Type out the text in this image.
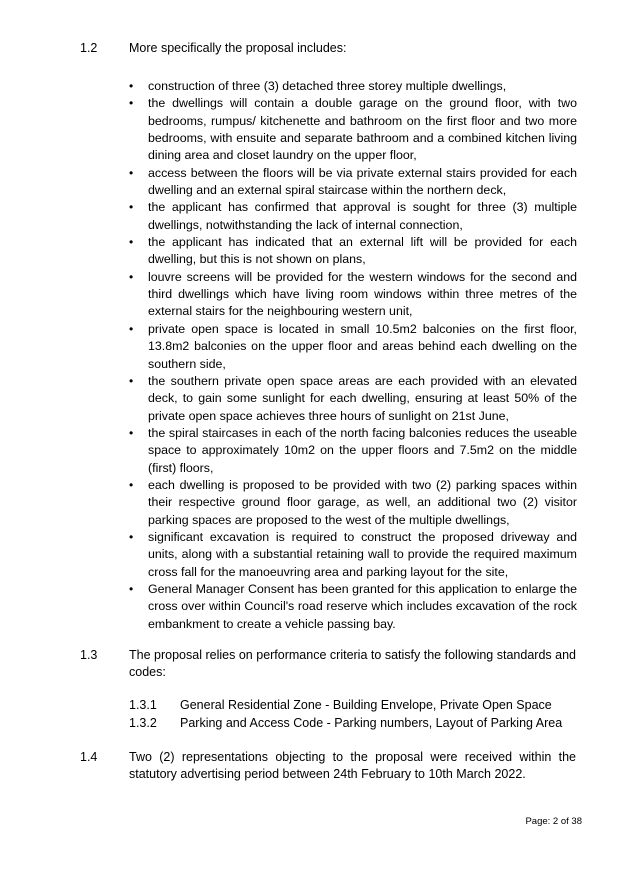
1.2	More specifically the proposal includes:
• construction of three (3) detached three storey multiple dwellings,
• the dwellings will contain a double garage on the ground floor, with two bedrooms, rumpus/ kitchenette and bathroom on the first floor and two more bedrooms, with ensuite and separate bathroom and a combined kitchen living dining area and closet laundry on the upper floor,
• access between the floors will be via private external stairs provided for each dwelling and an external spiral staircase within the northern deck,
• the applicant has confirmed that approval is sought for three (3) multiple dwellings, notwithstanding the lack of internal connection,
• the applicant has indicated that an external lift will be provided for each dwelling, but this is not shown on plans,
• louvre screens will be provided for the western windows for the second and third dwellings which have living room windows within three metres of the external stairs for the neighbouring western unit,
• private open space is located in small 10.5m2 balconies on the first floor, 13.8m2 balconies on the upper floor and areas behind each dwelling on the southern side,
• the southern private open space areas are each provided with an elevated deck, to gain some sunlight for each dwelling, ensuring at least 50% of the private open space achieves three hours of sunlight on 21st June,
• the spiral staircases in each of the north facing balconies reduces the useable space to approximately 10m2 on the upper floors and 7.5m2 on the middle (first) floors,
• each dwelling is proposed to be provided with two (2) parking spaces within their respective ground floor garage, as well, an additional two (2) visitor parking spaces are proposed to the west of the multiple dwellings,
• significant excavation is required to construct the proposed driveway and units, along with a substantial retaining wall to provide the required maximum cross fall for the manoeuvring area and parking layout for the site,
• General Manager Consent has been granted for this application to enlarge the cross over within Council's road reserve which includes excavation of the rock embankment to create a vehicle passing bay.
1.3	The proposal relies on performance criteria to satisfy the following standards and codes:
1.3.1 General Residential Zone - Building Envelope, Private Open Space
1.3.2 Parking and Access Code - Parking numbers, Layout of Parking Area
1.4	Two (2) representations objecting to the proposal were received within the statutory advertising period between 24th February to 10th March 2022.
Page: 2 of 38
